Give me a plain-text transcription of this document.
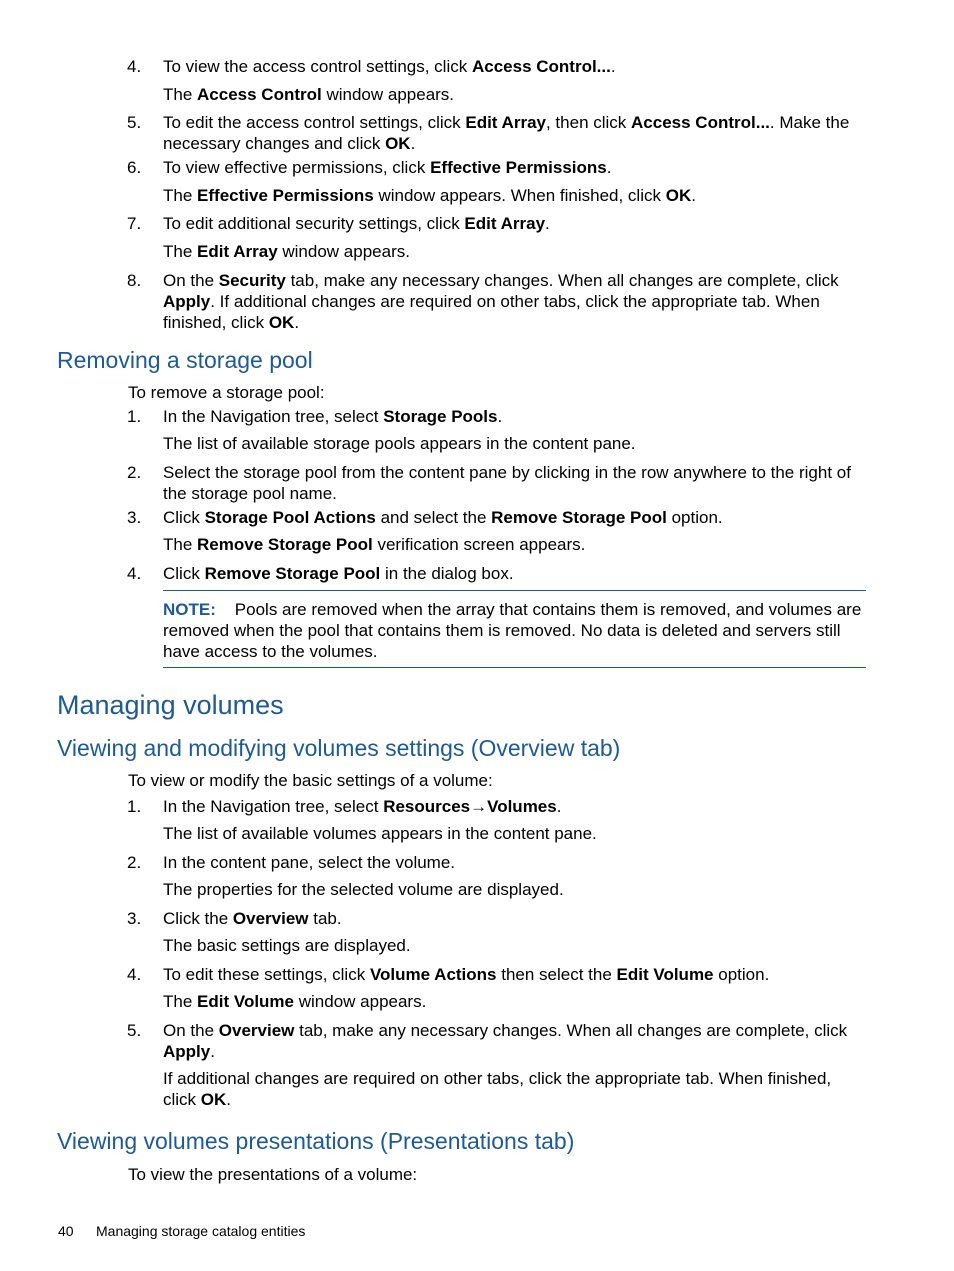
4. To view the access control settings, click Access Control....
The Access Control window appears.
5. To edit the access control settings, click Edit Array, then click Access Control.... Make the necessary changes and click OK.
6. To view effective permissions, click Effective Permissions.
The Effective Permissions window appears. When finished, click OK.
7. To edit additional security settings, click Edit Array.
The Edit Array window appears.
8. On the Security tab, make any necessary changes. When all changes are complete, click Apply. If additional changes are required on other tabs, click the appropriate tab. When finished, click OK.
Removing a storage pool
To remove a storage pool:
1. In the Navigation tree, select Storage Pools.
The list of available storage pools appears in the content pane.
2. Select the storage pool from the content pane by clicking in the row anywhere to the right of the storage pool name.
3. Click Storage Pool Actions and select the Remove Storage Pool option.
The Remove Storage Pool verification screen appears.
4. Click Remove Storage Pool in the dialog box.
NOTE: Pools are removed when the array that contains them is removed, and volumes are removed when the pool that contains them is removed. No data is deleted and servers still have access to the volumes.
Managing volumes
Viewing and modifying volumes settings (Overview tab)
To view or modify the basic settings of a volume:
1. In the Navigation tree, select Resources→Volumes.
The list of available volumes appears in the content pane.
2. In the content pane, select the volume.
The properties for the selected volume are displayed.
3. Click the Overview tab.
The basic settings are displayed.
4. To edit these settings, click Volume Actions then select the Edit Volume option.
The Edit Volume window appears.
5. On the Overview tab, make any necessary changes. When all changes are complete, click Apply.
If additional changes are required on other tabs, click the appropriate tab. When finished, click OK.
Viewing volumes presentations (Presentations tab)
To view the presentations of a volume:
40 Managing storage catalog entities
